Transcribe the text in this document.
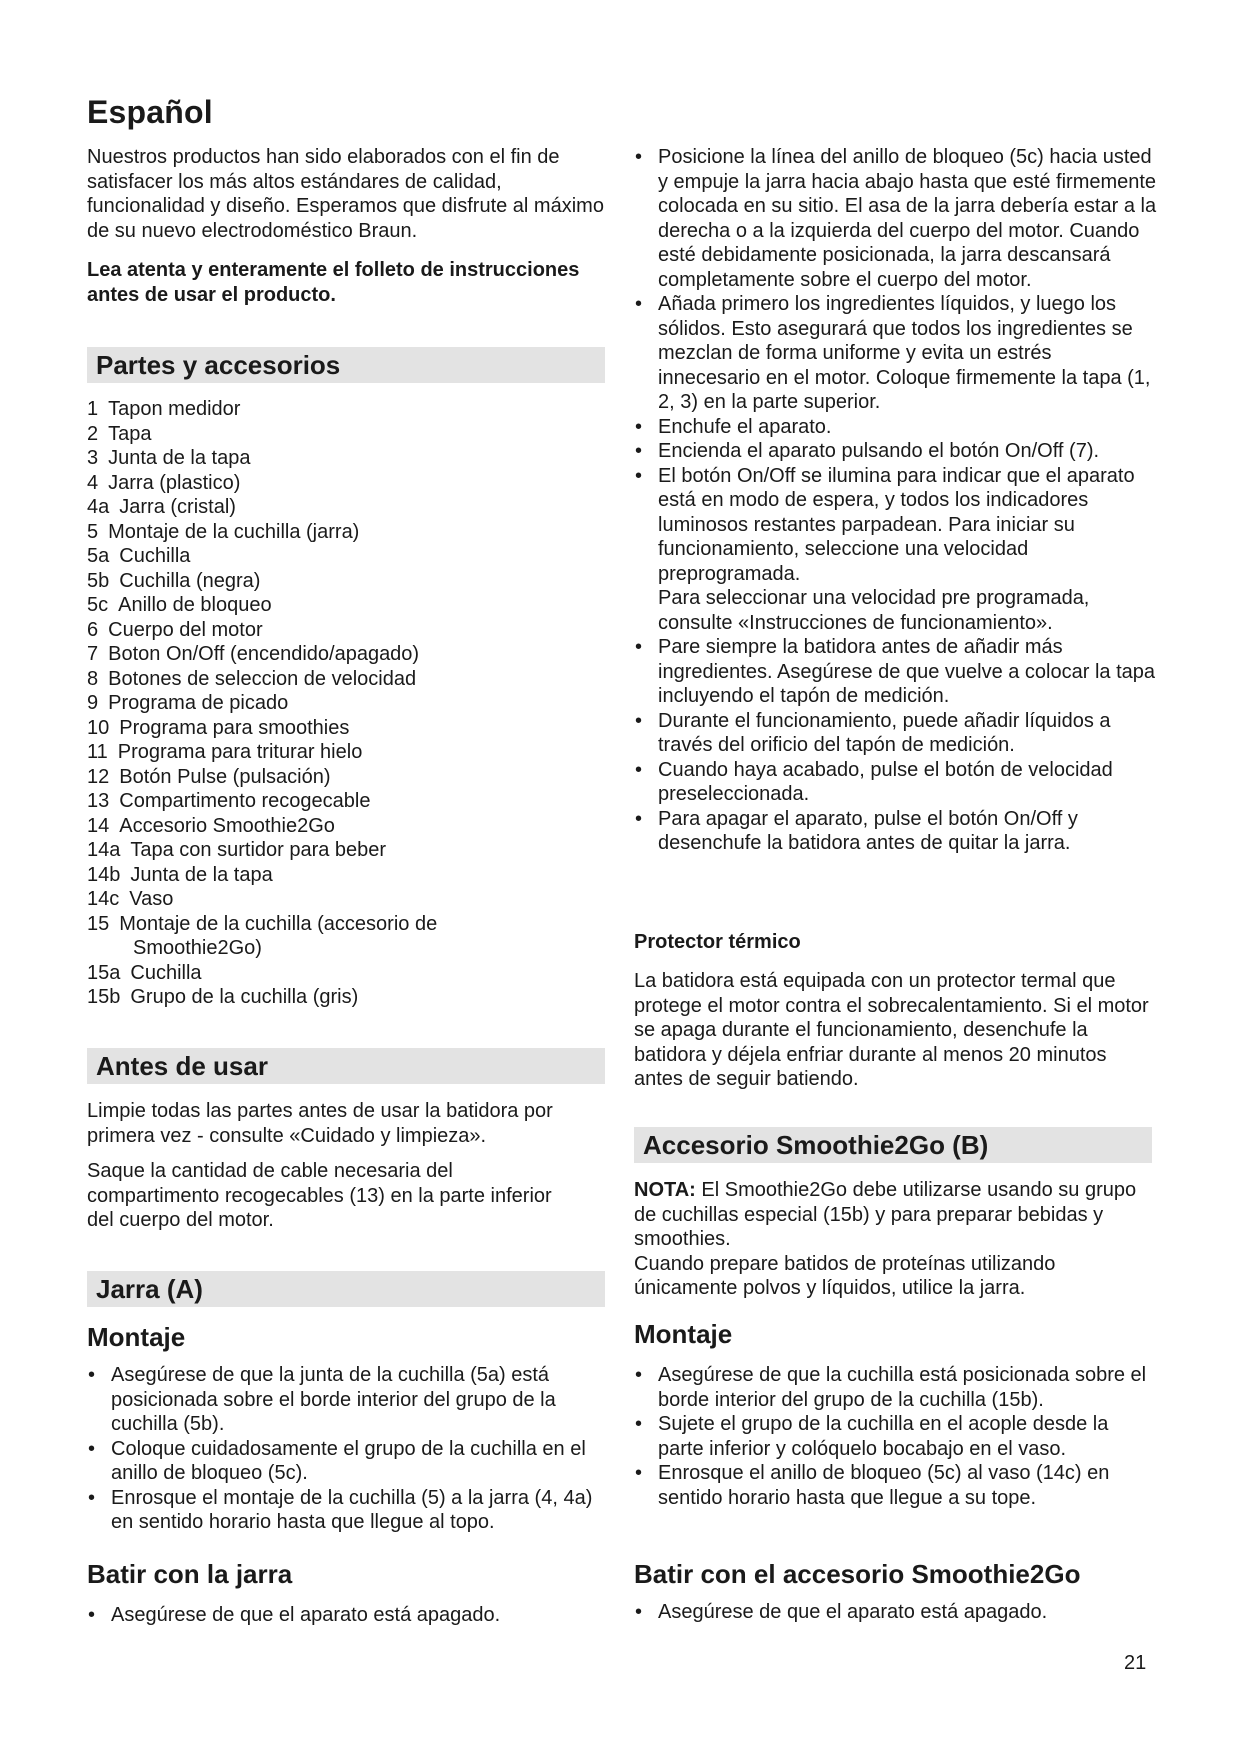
Español

Nuestros productos han sido elaborados con el fin de satisfacer los más altos estándares de calidad, funcionalidad y diseño. Esperamos que disfrute al máximo de su nuevo electrodoméstico Braun.

Lea atenta y enteramente el folleto de instrucciones antes de usar el producto.

Partes y accesorios
1 Tapon medidor
2 Tapa
3 Junta de la tapa
4 Jarra (plastico)
4a Jarra (cristal)
5 Montaje de la cuchilla (jarra)
5a Cuchilla
5b Cuchilla (negra)
5c Anillo de bloqueo
6 Cuerpo del motor
7 Boton On/Off (encendido/apagado)
8 Botones de seleccion de velocidad
9 Programa de picado
10 Programa para smoothies
11 Programa para triturar hielo
12 Botón Pulse (pulsación)
13 Compartimento recogecable
14 Accesorio Smoothie2Go
14a Tapa con surtidor para beber
14b Junta de la tapa
14c Vaso
15 Montaje de la cuchilla (accesorio de
Smoothie2Go)
15a Cuchilla
15b Grupo de la cuchilla (gris)
Antes de usar

Limpie todas las partes antes de usar la batidora por primera vez - consulte «Cuidado y limpieza».

Saque la cantidad de cable necesaria del compartimento recogecables (13) en la parte inferior del cuerpo del motor.

Jarra (A)
Montaje
• Asegúrese de que la junta de la cuchilla (5a) está posicionada sobre el borde interior del grupo de la cuchilla (5b).
• Coloque cuidadosamente el grupo de la cuchilla en el anillo de bloqueo (5c).
• Enrosque el montaje de la cuchilla (5) a la jarra (4, 4a) en sentido horario hasta que llegue al topo.
Batir con la jarra
• Asegúrese de que el aparato está apagado.
• Posicione la línea del anillo de bloqueo (5c) hacia usted y empuje la jarra hacia abajo hasta que esté firmemente colocada en su sitio. El asa de la jarra debería estar a la derecha o a la izquierda del cuerpo del motor. Cuando esté debidamente posicionada, la jarra descansará completamente sobre el cuerpo del motor.
• Añada primero los ingredientes líquidos, y luego los sólidos. Esto asegurará que todos los ingredientes se mezclan de forma uniforme y evita un estrés innecesario en el motor. Coloque firmemente la tapa (1, 2, 3) en la parte superior.
• Enchufe el aparato.
• Encienda el aparato pulsando el botón On/Off (7).
• El botón On/Off se ilumina para indicar que el aparato está en modo de espera, y todos los indicadores luminosos restantes parpadean. Para iniciar su funcionamiento, seleccione una velocidad preprogramada.
Para seleccionar una velocidad pre programada, consulte «Instrucciones de funcionamiento».
• Pare siempre la batidora antes de añadir más ingredientes. Asegúrese de que vuelve a colocar la tapa incluyendo el tapón de medición.
• Durante el funcionamiento, puede añadir líquidos a través del orificio del tapón de medición.
• Cuando haya acabado, pulse el botón de velocidad preseleccionada.
• Para apagar el aparato, pulse el botón On/Off y desenchufe la batidora antes de quitar la jarra.
Protector térmico

La batidora está equipada con un protector termal que protege el motor contra el sobrecalentamiento. Si el motor se apaga durante el funcionamiento, desenchufe la batidora y déjela enfriar durante al menos 20 minutos antes de seguir batiendo.

Accesorio Smoothie2Go (B)

NOTA: El Smoothie2Go debe utilizarse usando su grupo de cuchillas especial (15b) y para preparar bebidas y smoothies.
Cuando prepare batidos de proteínas utilizando únicamente polvos y líquidos, utilice la jarra.

Montaje
• Asegúrese de que la cuchilla está posicionada sobre el borde interior del grupo de la cuchilla (15b).
• Sujete el grupo de la cuchilla en el acople desde la parte inferior y colóquelo bocabajo en el vaso.
• Enrosque el anillo de bloqueo (5c) al vaso (14c) en sentido horario hasta que llegue a su tope.
Batir con el accesorio Smoothie2Go
• Asegúrese de que el aparato está apagado.
21
